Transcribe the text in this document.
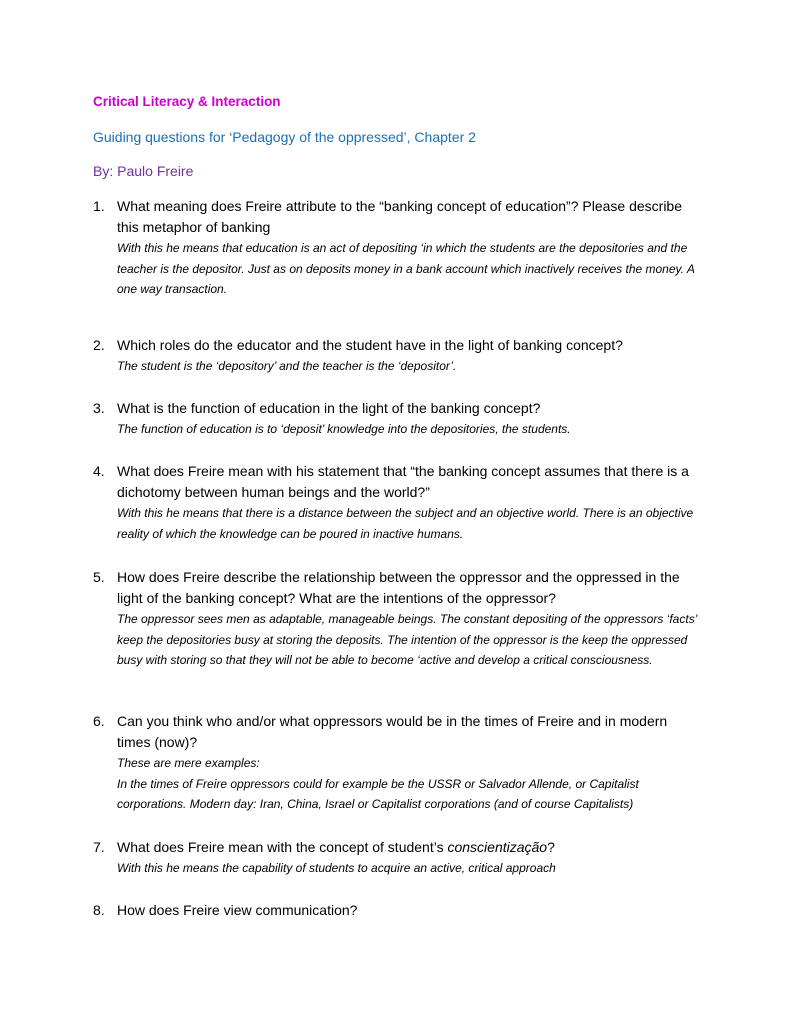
Critical Literacy & Interaction
Guiding questions for ‘Pedagogy of the oppressed’, Chapter 2
By: Paulo Freire
1. What meaning does Freire attribute to the “banking concept of education”? Please describe this metaphor of banking
With this he means that education is an act of depositing ‘in which the students are the depositories and the teacher is the depositor. Just as on deposits money in a bank account which inactively receives the money. A one way transaction.
2. Which roles do the educator and the student have in the light of banking concept?
The student is the ‘depository’ and the teacher is the ‘depositor’.
3. What is the function of education in the light of the banking concept?
The function of education is to ‘deposit’ knowledge into the depositories, the students.
4. What does Freire mean with his statement that “the banking concept assumes that there is a dichotomy between human beings and the world?”
With this he means that there is a distance between the subject and an objective world. There is an objective reality of which the knowledge can be poured in inactive humans.
5. How does Freire describe the relationship between the oppressor and the oppressed in the light of the banking concept? What are the intentions of the oppressor?
The oppressor sees men as adaptable, manageable beings. The constant depositing of the oppressors ‘facts’ keep the depositories busy at storing the deposits. The intention of the oppressor is the keep the oppressed busy with storing so that they will not be able to become ‘active and develop a critical consciousness.
6. Can you think who and/or what oppressors would be in the times of Freire and in modern times (now)?

These are mere examples:

In the times of Freire oppressors could for example be the USSR or Salvador Allende, or Capitalist corporations. Modern day: Iran, China, Israel or Capitalist corporations (and of course Capitalists)

7. What does Freire mean with the concept of student’s conscientização?
With this he means the capability of students to acquire an active, critical approach
8. How does Freire view communication?
